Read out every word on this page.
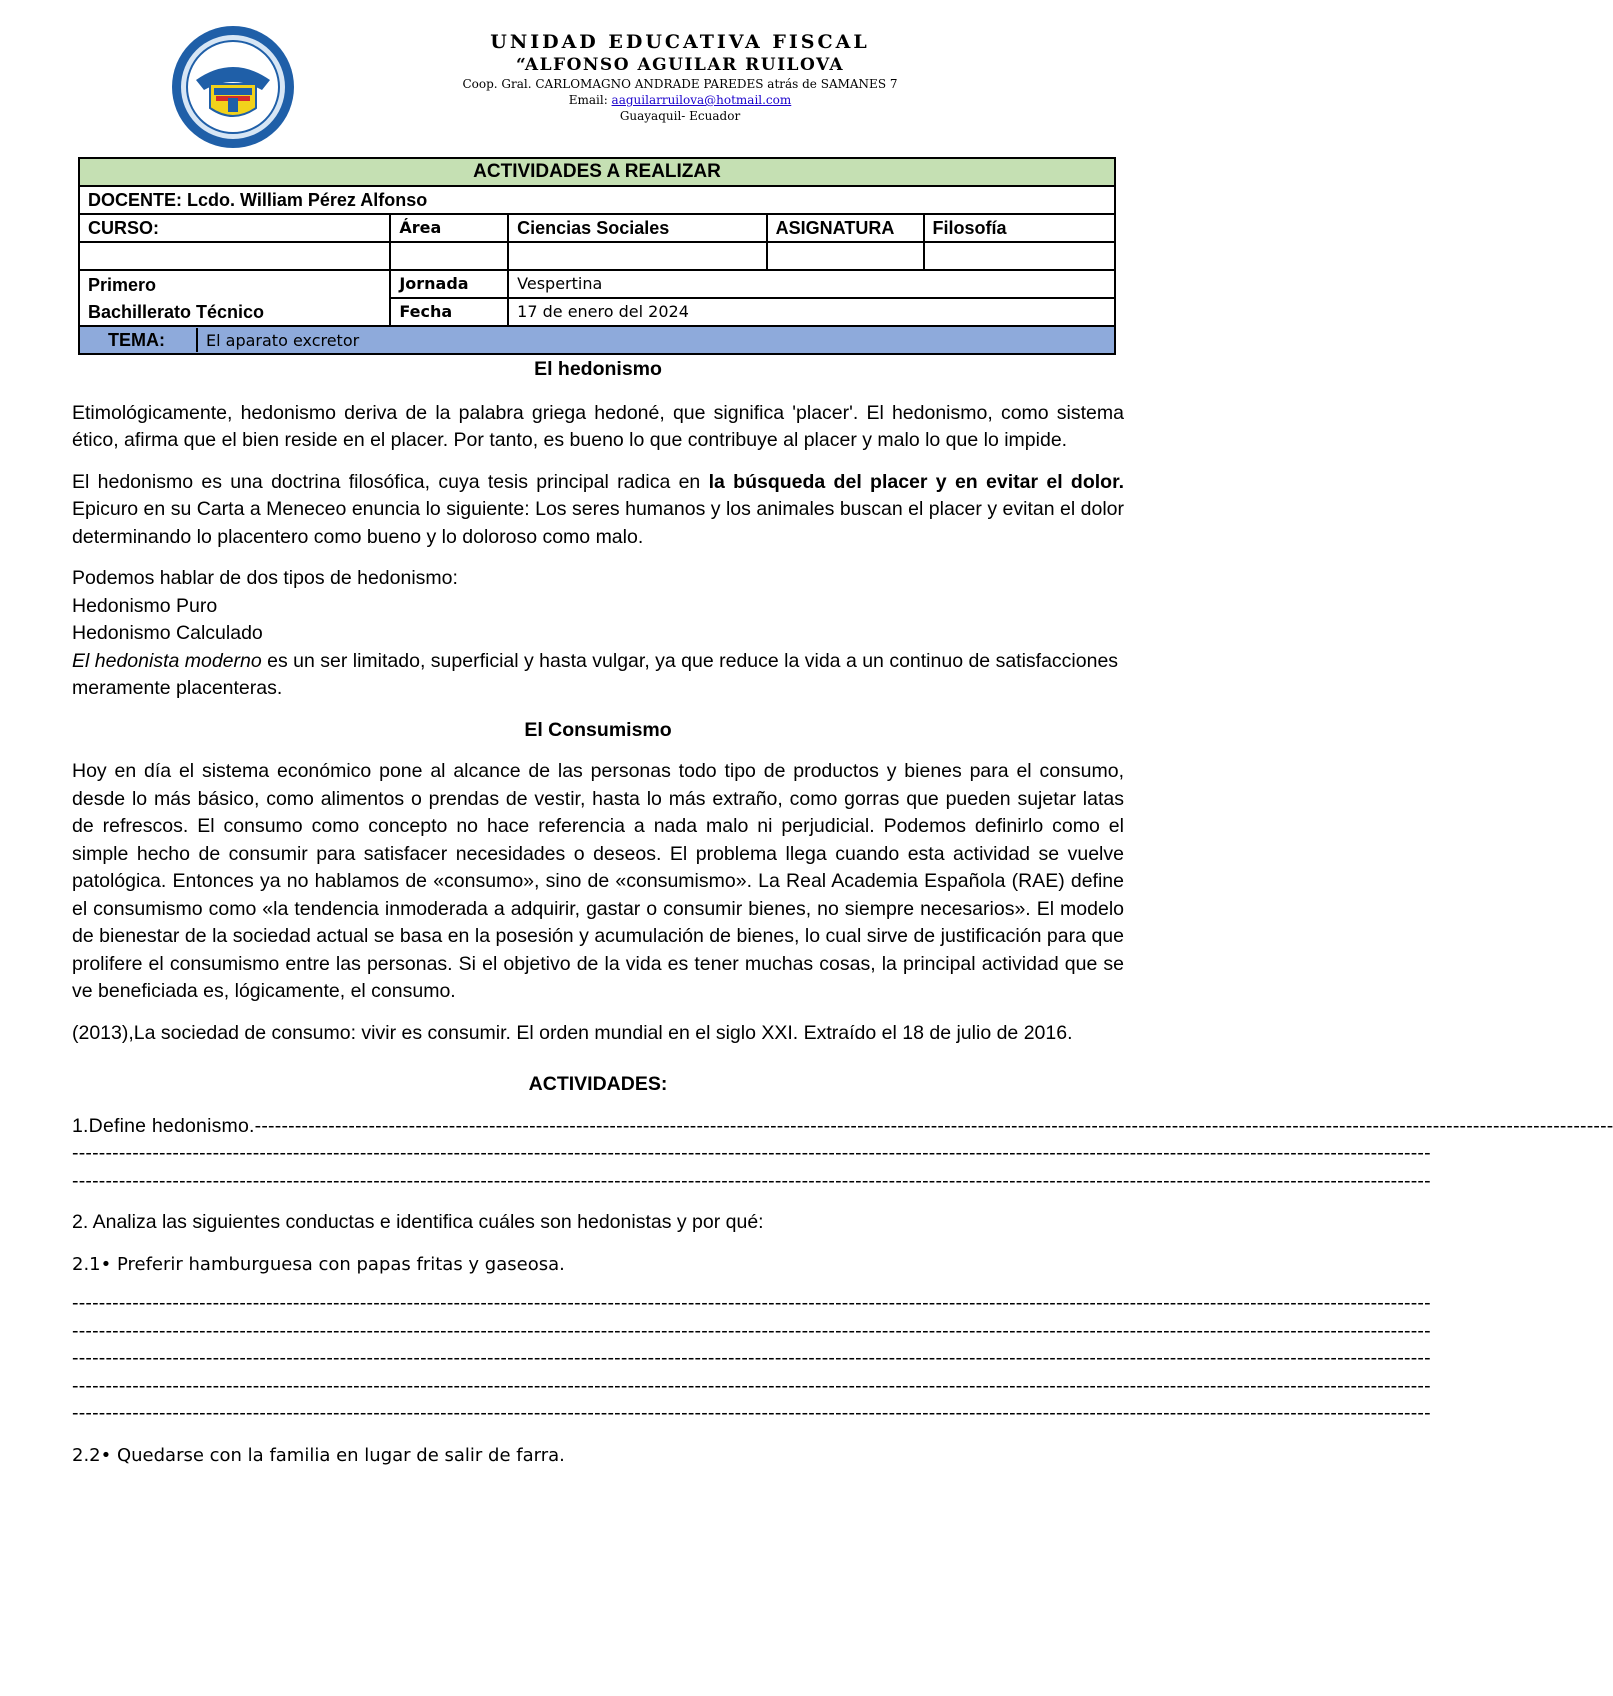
UNIDAD EDUCATIVA FISCAL
“ALFONSO AGUILAR RUILOVA
Coop. Gral. CARLOMAGNO ANDRADE PAREDES atrás de SAMANES 7
Email: aaguilarruilova@hotmail.com
Guayaquil- Ecuador
ACTIVIDADES A REALIZAR				
DOCENTE: Lcdo. William Pérez Alfonso				
CURSO:	Área	Ciencias Sociales	ASIGNATURA	Filosofía

Primero	Jornada	Vespertina		
Bachillerato Técnico	Fecha	17 de enero del 2024		
TEMA: El aparato excretor				
El hedonismo

Etimológicamente, hedonismo deriva de la palabra griega hedoné, que significa 'placer'. El hedonismo, como sistema ético, afirma que el bien reside en el placer. Por tanto, es bueno lo que contribuye al placer y malo lo que lo impide.

El hedonismo es una doctrina filosófica, cuya tesis principal radica en la búsqueda del placer y en evitar el dolor. Epicuro en su Carta a Meneceo enuncia lo siguiente: Los seres humanos y los animales buscan el placer y evitan el dolor determinando lo placentero como bueno y lo doloroso como malo.

Podemos hablar de dos tipos de hedonismo:
Hedonismo Puro
Hedonismo Calculado
El hedonista moderno es un ser limitado, superficial y hasta vulgar, ya que reduce la vida a un continuo de satisfacciones meramente placenteras.

El Consumismo

Hoy en día el sistema económico pone al alcance de las personas todo tipo de productos y bienes para el consumo, desde lo más básico, como alimentos o prendas de vestir, hasta lo más extraño, como gorras que pueden sujetar latas de refrescos. El consumo como concepto no hace referencia a nada malo ni perjudicial. Podemos definirlo como el simple hecho de consumir para satisfacer necesidades o deseos. El problema llega cuando esta actividad se vuelve patológica. Entonces ya no hablamos de «consumo», sino de «consumismo». La Real Academia Española (RAE) define el consumismo como «la tendencia inmoderada a adquirir, gastar o consumir bienes, no siempre necesarios». El modelo de bienestar de la sociedad actual se basa en la posesión y acumulación de bienes, lo cual sirve de justificación para que prolifere el consumismo entre las personas. Si el objetivo de la vida es tener muchas cosas, la principal actividad que se ve beneficiada es, lógicamente, el consumo.

(2013),La sociedad de consumo: vivir es consumir. El orden mundial en el siglo XXI. Extraído el 18 de julio de 2016.

ACTIVIDADES:
1.Define hedonismo.-----------------------------------------------------------------------------------------------------------------------------------------------------------------------------------------------------------
-----------------------------------------------------------------------------------------------------------------------------------------------------------------------------------------------------------
-----------------------------------------------------------------------------------------------------------------------------------------------------------------------------------------------------------
2. Analiza las siguientes conductas e identifica cuáles son hedonistas y por qué:
2.1• Preferir hamburguesa con papas fritas y gaseosa.
-----------------------------------------------------------------------------------------------------------------------------------------------------------------------------------------------------------
-----------------------------------------------------------------------------------------------------------------------------------------------------------------------------------------------------------
-----------------------------------------------------------------------------------------------------------------------------------------------------------------------------------------------------------
-----------------------------------------------------------------------------------------------------------------------------------------------------------------------------------------------------------
-----------------------------------------------------------------------------------------------------------------------------------------------------------------------------------------------------------
2.2• Quedarse con la familia en lugar de salir de farra.
